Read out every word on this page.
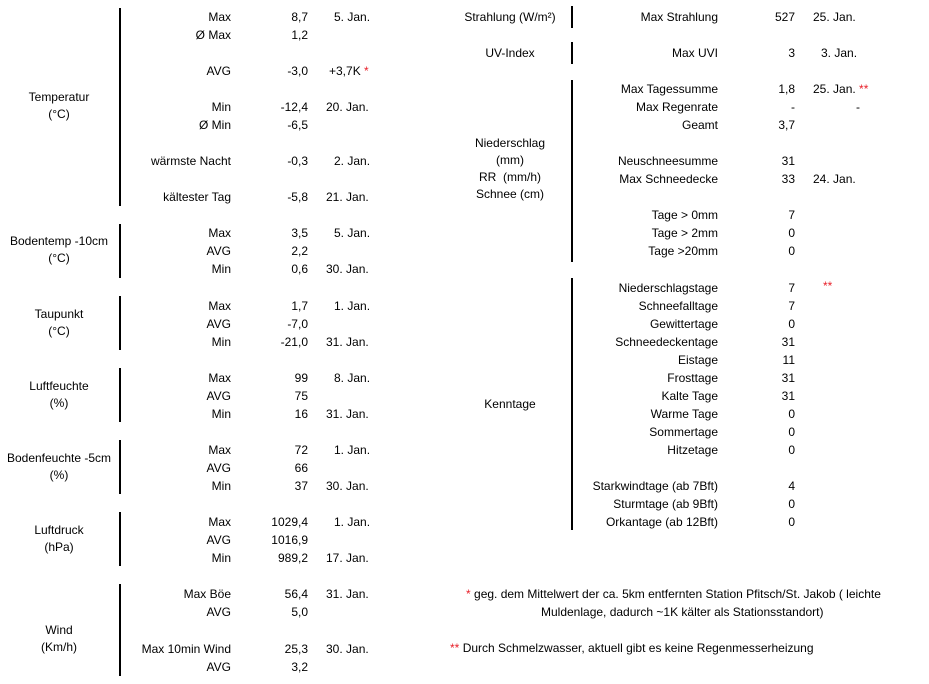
Temperatur
(°C)
Max	8,7 5. Jan.
Ø Max	1,2
AVG	-3,0 +3,7K *
Min	-12,4 20. Jan.
Ø Min	-6,5
wärmste Nacht	-0,3 2. Jan.
kältester Tag	-5,8 21. Jan.
Bodentemp -10cm
(°C)
Max	3,5 5. Jan.
AVG	2,2
Min	0,6 30. Jan.
Taupunkt
(°C)
Max	1,7 1. Jan.
AVG	-7,0
Min	-21,0 31. Jan.
Luftfeuchte
(%)
Max	99 8. Jan.
AVG	75
Min	16 31. Jan.
Bodenfeuchte -5cm
(%)
Max	72 1. Jan.
AVG	66
Min	37 30. Jan.
Luftdruck
(hPa)
Max	1029,4 1. Jan.
AVG	1016,9
Min	989,2 17. Jan.
Wind
(Km/h)
Max Böe	56,4 31. Jan.
AVG	5,0
Max 10min Wind	25,3 30. Jan.
AVG	3,2
Strahlung (W/m²)	Max Strahlung	527 25. Jan.
UV-Index	Max UVI	3 3. Jan.
Niederschlag
(mm)
RR  (mm/h)
Schnee (cm)
Max Tagessumme	1,8 25. Jan. **
Max Regenrate	-	-
Geamt	3,7
Neuschneesumme	31
Max Schneedecke	33 24. Jan.
Tage > 0mm	7
Tage > 2mm	0
Tage >20mm	0
Kenntage
Niederschlagstage	7 **
Schneefalltage	7
Gewittertage	0
Schneedeckentage	31
Eistage	11
Frosttage	31
Kalte Tage	31
Warme Tage	0
Sommertage	0
Hitzetage	0
Starkwindtage (ab 7Bft)	4
Sturmtage (ab 9Bft)	0
Orkantage (ab 12Bft)	0
* geg. dem Mittelwert der ca. 5km entfernten Station Pfitsch/St. Jakob ( leichte
Muldenlage, dadurch ~1K kälter als Stationsstandort)
** Durch Schmelzwasser, aktuell gibt es keine Regenmesserheizung
